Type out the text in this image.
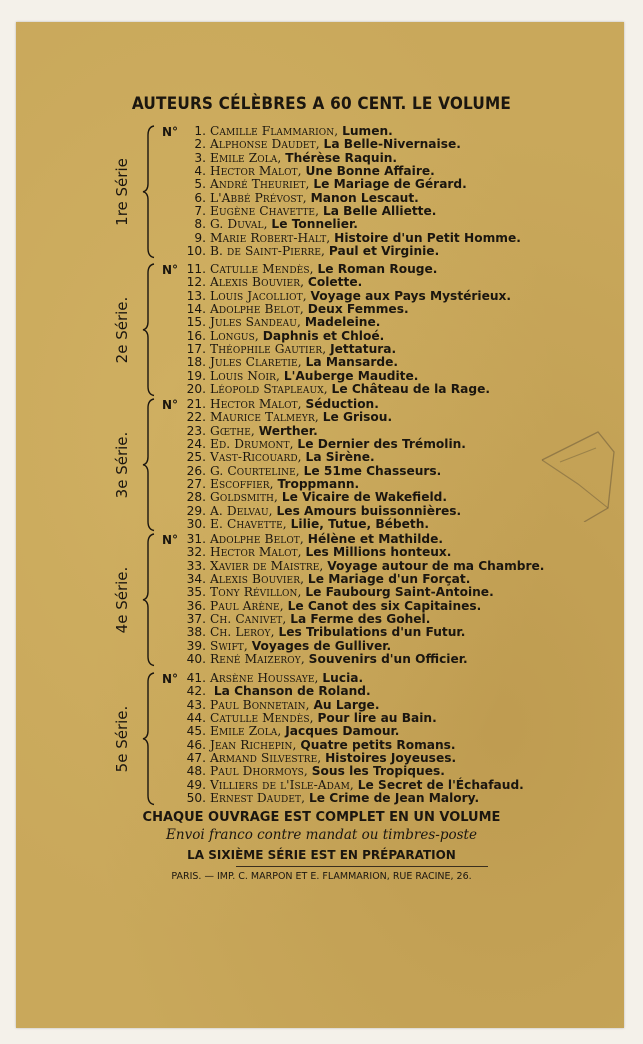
AUTEURS CÉLÈBRES A 60 CENT. LE VOLUME
1re Série
N°	1. Camille Flammarion, Lumen.
2. Alphonse Daudet, La Belle-Nivernaise.
3. Emile Zola, Thérèse Raquin.
4. Hector Malot, Une Bonne Affaire.
5. André Theuriet, Le Mariage de Gérard.
6. L'Abbé Prévost, Manon Lescaut.
7. Eugène Chavette, La Belle Alliette.
8. G. Duval, Le Tonnelier.
9. Marie Robert-Halt, Histoire d'un Petit Homme.
10. B. de Saint-Pierre, Paul et Virginie.
2e Série.
N° 11. Catulle Mendès, Le Roman Rouge.
12. Alexis Bouvier, Colette.
13. Louis Jacolliot, Voyage aux Pays Mystérieux.
14. Adolphe Belot, Deux Femmes.
15. Jules Sandeau, Madeleine.
16. Longus, Daphnis et Chloé.
17. Théophile Gautier, Jettatura.
18. Jules Claretie, La Mansarde.
19. Louis Noir, L'Auberge Maudite.
20. Léopold Stapleaux, Le Château de la Rage.
3e Série.
N° 21. Hector Malot, Séduction.
22. Maurice Talmeyr, Le Grisou.
23. Gœthe, Werther.
24. Ed. Drumont, Le Dernier des Trémolin.
25. Vast-Ricouard, La Sirène.
26. G. Courteline, Le 51me Chasseurs.
27. Escoffier, Troppmann.
28. Goldsmith, Le Vicaire de Wakefield.
29. A. Delvau, Les Amours buissonnières.
30. E. Chavette, Lilie, Tutue, Bébeth.
4e Série.
N° 31. Adolphe Belot, Hélène et Mathilde.
32. Hector Malot, Les Millions honteux.
33. Xavier de Maistre, Voyage autour de ma Chambre.
34. Alexis Bouvier, Le Mariage d'un Forçat.
35. Tony Révillon, Le Faubourg Saint-Antoine.
36. Paul Arène, Le Canot des six Capitaines.
37. Ch. Canivet, La Ferme des Gohel.
38. Ch. Leroy, Les Tribulations d'un Futur.
39. Swift, Voyages de Gulliver.
40. René Maizeroy, Souvenirs d'un Officier.
5e Série.
N° 41. Arsène Houssaye, Lucia.
42. La Chanson de Roland.
43. Paul Bonnetain, Au Large.
44. Catulle Mendès, Pour lire au Bain.
45. Emile Zola, Jacques Damour.
46. Jean Richepin, Quatre petits Romans.
47. Armand Silvestre, Histoires Joyeuses.
48. Paul Dhormoys, Sous les Tropiques.
49. Villiers de l'Isle-Adam, Le Secret de l'Échafaud.
50. Ernest Daudet, Le Crime de Jean Malory.
CHAQUE OUVRAGE EST COMPLET EN UN VOLUME
Envoi franco contre mandat ou timbres-poste
LA SIXIÈME SÉRIE EST EN PRÉPARATION
PARIS. — IMP. C. MARPON ET E. FLAMMARION, RUE RACINE, 26.
